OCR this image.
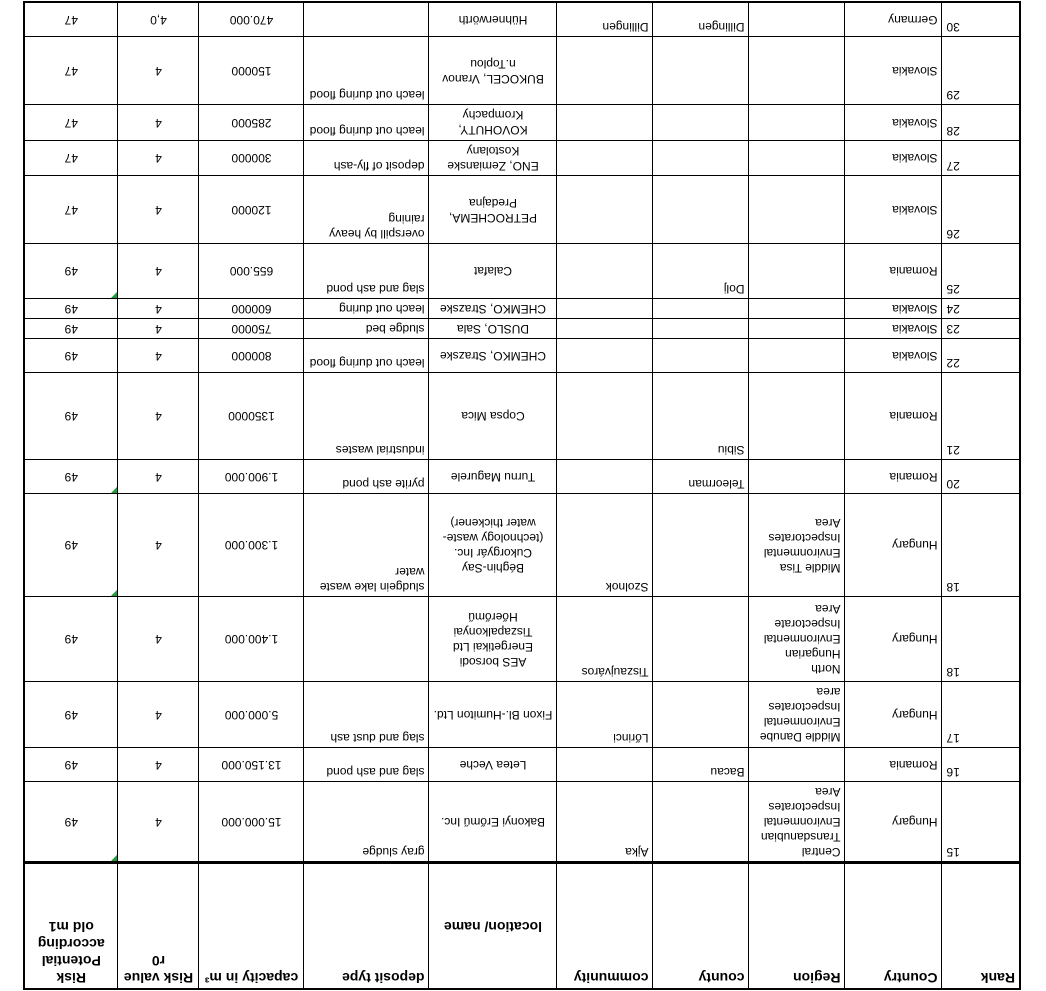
Rank	Country	Region	county	community	location/ name	deposit type	capacity in m³	Risk value r0	Risk Potential according old m1
15	Hungary	Central Transdanubian Environmental Inspectorates Area		Ajka	Bakonyi Erőmű Inc.	gray sludge	15.000.000	4	49
16	Romania		Bacau		Letea Veche	slag and ash pond	13.150.000	4	49
17	Hungary	Middle Danube Environmental Inspectorates area		Lőrinci	Fixon Bl.-Humiton Ltd.	slag and dust ash	5.000.000	4	49
18	Hungary	North Hungarian Environmental Inspectorate Area		Tiszaujváros	AES borsodi Energetikai Ltd Tiszapalkonyai Hőerőmű		1.400.000	4	49
18	Hungary	Middle Tisa Environmental Inspectorates Area		Szolnok	Béghin-Say Cukorgyár Inc.(technology waste-water thickener)	sludgein lake waste water	1.300.000	4	49
20	Romania		Teleorman		Turnu Magurele	pyrite ash pond	1.900.000	4	49
21	Romania		Sibiu		Copsa Mica	industrial wastes	1350000	4	49
22	Slovakia				CHEMKO, Strazske	leach out during flood	800000	4	49
23	Slovakia				DUSLO, Sala	sludge bed	750000	4	49
24	Slovakia				CHEMKO, Strazske	leach out during	600000	4	49
25	Romania		Dolj		Calafat	slag and ash pond	655.000	4	49
26	Slovakia				PETROCHEMA, Predajna	overspill by heavy raining	120000	4	47
27	Slovakia				ENO, Zemianske Kostolany	deposit of fly-ash	300000	4	47
28	Slovakia				KOVOHUTY, Krompachy	leach out during flood	285000	4	47
29	Slovakia				BUKOCEL, Vranov n.Toplou	leach out during flood	150000	4	47
30	Germany		Dillingen	Dillingen	Hühnerwörth		470.000	4,0	47
